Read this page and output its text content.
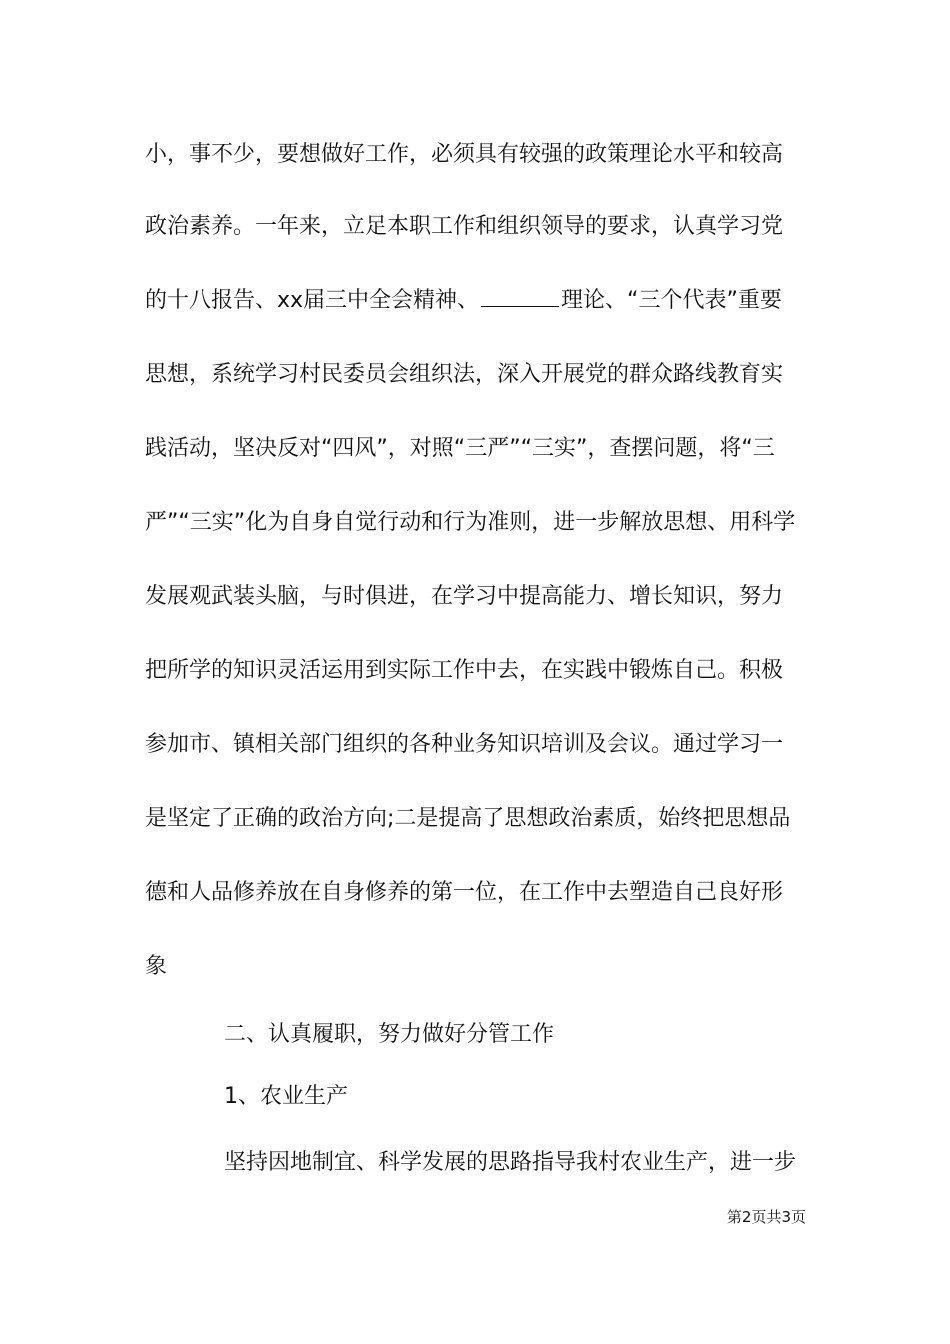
小，事不少，要想做好工作，必须具有较强的政策理论水平和较高
政治素养。一年来，立足本职工作和组织领导的要求，认真学习党
的十八报告、xx届三中全会精神、	理论、“三个代表”重要
思想，系统学习村民委员会组织法，深入开展党的群众路线教育实
践活动，坚决反对“四风”，对照“三严”“三实”，查摆问题，将“三
严”“三实”化为自身自觉行动和行为准则，进一步解放思想、用科学
发展观武装头脑，与时俱进，在学习中提高能力、增长知识，努力
把所学的知识灵活运用到实际工作中去，在实践中锻炼自己。积极
参加市、镇相关部门组织的各种业务知识培训及会议。通过学习一
是坚定了正确的政治方向;二是提高了思想政治素质，始终把思想品
德和人品修养放在自身修养的第一位，在工作中去塑造自己良好形
象
二、认真履职，努力做好分管工作
1、农业生产
坚持因地制宜、科学发展的思路指导我村农业生产，进一步
第2页共3页
